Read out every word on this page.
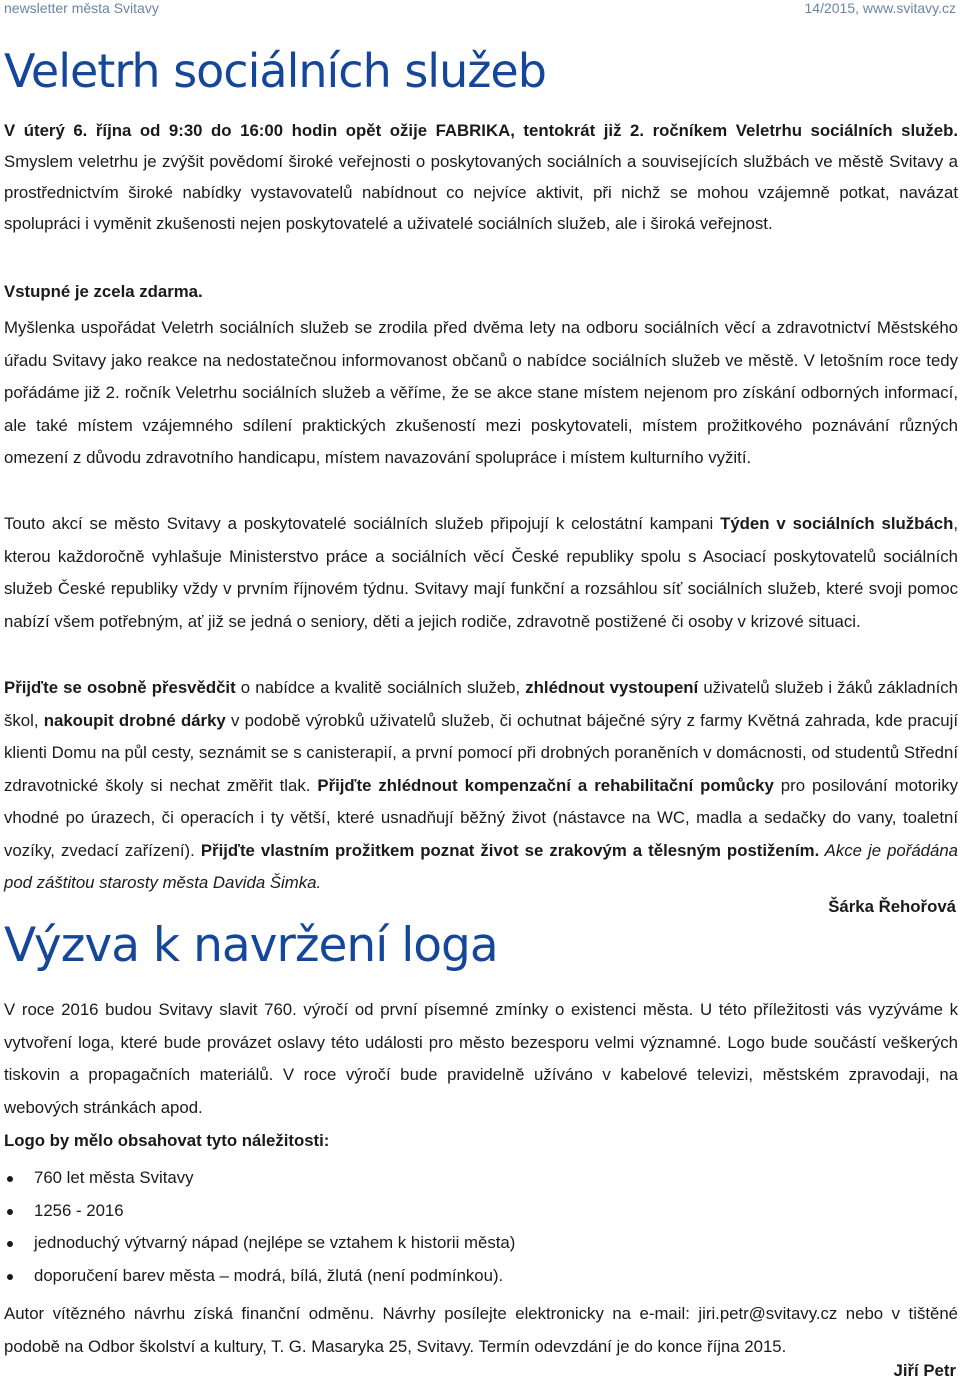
newsletter města Svitavy	14/2015, www.svitavy.cz
Veletrh sociálních služeb

V úterý 6. října od 9:30 do 16:00 hodin opět ožije FABRIKA, tentokrát již 2. ročníkem Veletrhu sociálních služeb. Smyslem veletrhu je zvýšit povědomí široké veřejnosti o poskytovaných sociálních a souvisejících službách ve městě Svitavy a prostřednictvím široké nabídky vystavovatelů nabídnout co nejvíce aktivit, při nichž se mohou vzájemně potkat, navázat spolupráci i vyměnit zkušenosti nejen poskytovatelé a uživatelé sociálních služeb, ale i široká veřejnost.

Vstupné je zcela zdarma.

Myšlenka uspořádat Veletrh sociálních služeb se zrodila před dvěma lety na odboru sociálních věcí a zdravotnictví Městského úřadu Svitavy jako reakce na nedostatečnou informovanost občanů o nabídce sociálních služeb ve městě. V letošním roce tedy pořádáme již 2. ročník Veletrhu sociálních služeb a věříme, že se akce stane místem nejenom pro získání odborných informací, ale také místem vzájemného sdílení praktických zkušeností mezi poskytovateli, místem prožitkového poznávání různých omezení z důvodu zdravotního handicapu, místem navazování spolupráce i místem kulturního vyžití.

Touto akcí se město Svitavy a poskytovatelé sociálních služeb připojují k celostátní kampani Týden v sociálních službách, kterou každoročně vyhlašuje Ministerstvo práce a sociálních věcí České republiky spolu s Asociací poskytovatelů sociálních služeb České republiky vždy v prvním říjnovém týdnu. Svitavy mají funkční a rozsáhlou síť sociálních služeb, které svoji pomoc nabízí všem potřebným, ať již se jedná o seniory, děti a jejich rodiče, zdravotně postižené či osoby v krizové situaci.

Přijďte se osobně přesvědčit o nabídce a kvalitě sociálních služeb, zhlédnout vystoupení uživatelů služeb i žáků základních škol, nakoupit drobné dárky v podobě výrobků uživatelů služeb, či ochutnat báječné sýry z farmy Květná zahrada, kde pracují klienti Domu na půl cesty, seznámit se s canisterapií, a první pomocí při drobných poraněních v domácnosti, od studentů Střední zdravotnické školy si nechat změřit tlak. Přijďte zhlédnout kompenzační a rehabilitační pomůcky pro posilování motoriky vhodné po úrazech, či operacích i ty větší, které usnadňují běžný život (nástavce na WC, madla a sedačky do vany, toaletní vozíky, zvedací zařízení). Přijďte vlastním prožitkem poznat život se zrakovým a tělesným postižením. Akce je pořádána pod záštitou starosty města Davida Šimka.

Šárka Řehořová
Výzva k navržení loga

V roce 2016 budou Svitavy slavit 760. výročí od první písemné zmínky o existenci města. U této příležitosti vás vyzýváme k vytvoření loga, které bude provázet oslavy této události pro město bezesporu velmi významné. Logo bude součástí veškerých tiskovin a propagačních materiálů. V roce výročí bude pravidelně užíváno v kabelové televizi, městském zpravodaji, na webových stránkách apod.

Logo by mělo obsahovat tyto náležitosti:
760 let města Svitavy
1256 - 2016
jednoduchý výtvarný nápad (nejlépe se vztahem k historii města)
doporučení barev města – modrá, bílá, žlutá (není podmínkou).

Autor vítězného návrhu získá finanční odměnu. Návrhy posílejte elektronicky na e-mail: jiri.petr@svitavy.cz nebo v tištěné podobě na Odbor školství a kultury, T. G. Masaryka 25, Svitavy. Termín odevzdání je do konce října 2015.

Jiří Petr
